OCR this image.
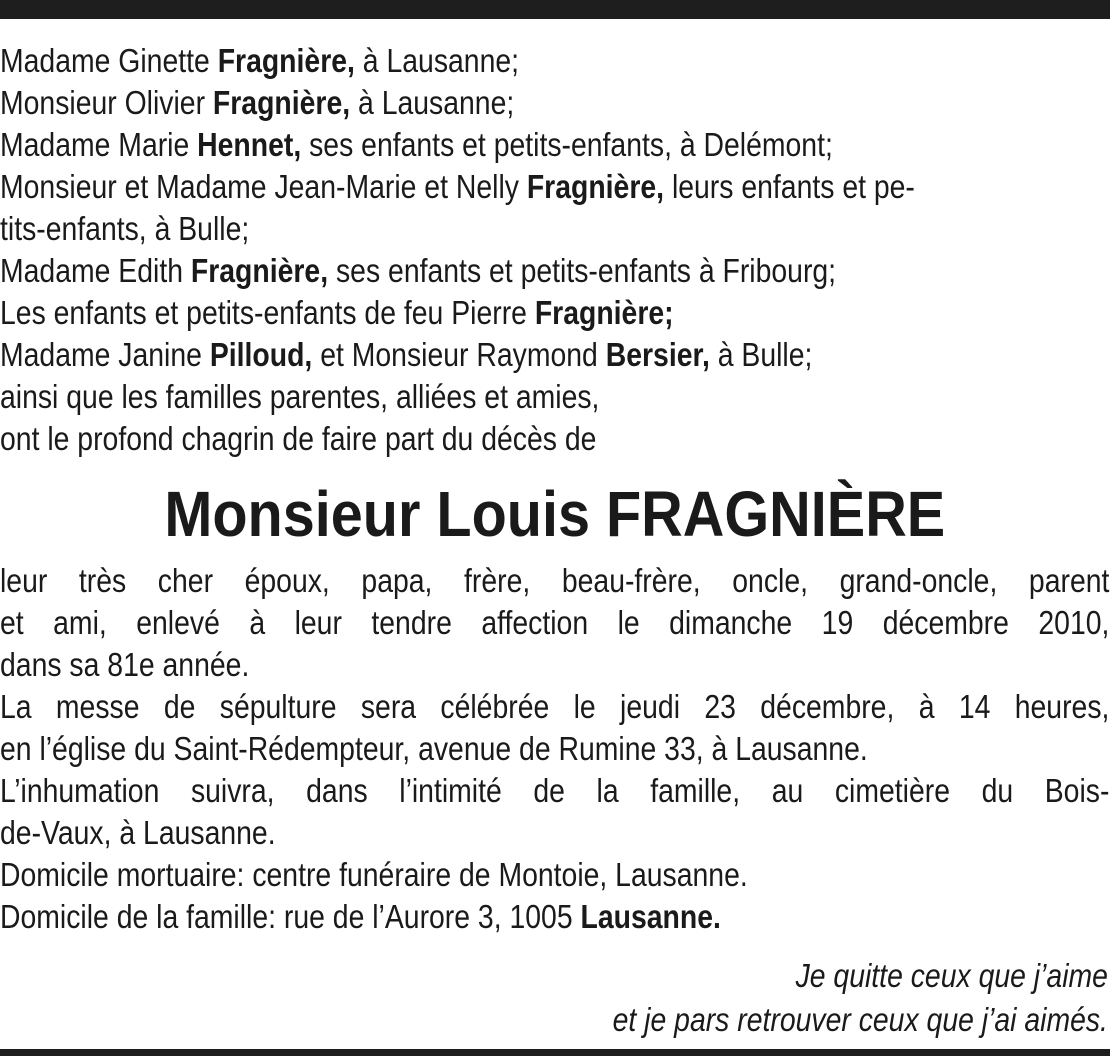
Madame Ginette Fragnière, à Lausanne;

Monsieur Olivier Fragnière, à Lausanne;

Madame Marie Hennet, ses enfants et petits-enfants, à Delémont;

Monsieur et Madame Jean-Marie et Nelly Fragnière, leurs enfants et pe-

tits-enfants, à Bulle;

Madame Edith Fragnière, ses enfants et petits-enfants à Fribourg;

Les enfants et petits-enfants de feu Pierre Fragnière;

Madame Janine Pilloud, et Monsieur Raymond Bersier, à Bulle;

ainsi que les familles parentes, alliées et amies,

ont le profond chagrin de faire part du décès de

Monsieur Louis FRAGNIÈRE

leur très cher époux, papa, frère, beau-frère, oncle, grand-oncle, parent

et ami, enlevé à leur tendre affection le dimanche 19 décembre 2010,

dans sa 81e année.

La messe de sépulture sera célébrée le jeudi 23 décembre, à 14 heures,

en l’église du Saint-Rédempteur, avenue de Rumine 33, à Lausanne.

L’inhumation suivra, dans l’intimité de la famille, au cimetière du Bois-

de-Vaux, à Lausanne.

Domicile mortuaire: centre funéraire de Montoie, Lausanne.

Domicile de la famille: rue de l’Aurore 3, 1005 Lausanne.

Je quitte ceux que j’aime

et je pars retrouver ceux que j’ai aimés.
